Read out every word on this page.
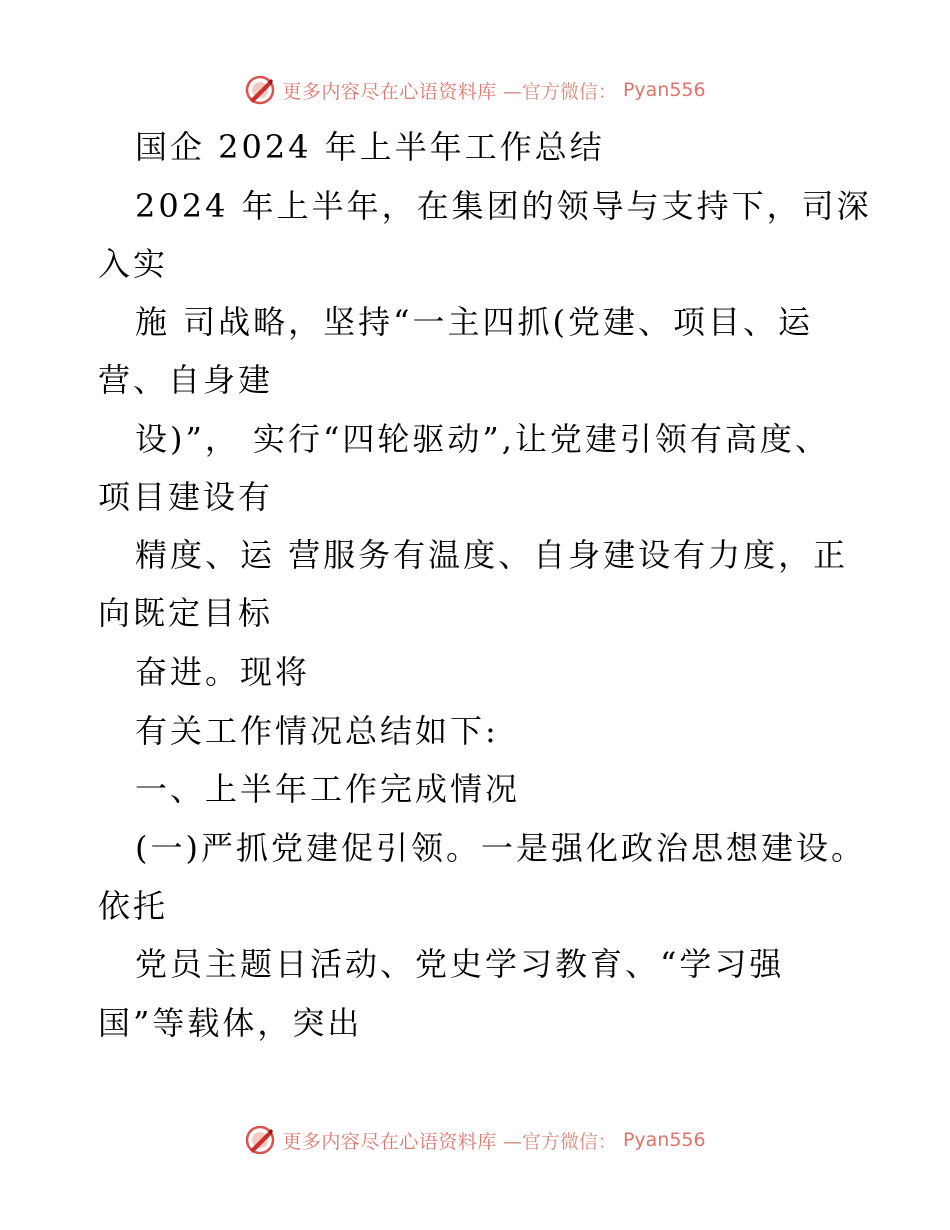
更多内容尽在心语资料库 —官方微信： Pyan556
国企 2024 年上半年工作总结
2024 年上半年，在集团的领导与支持下，司深
入实
施 司战略，坚持“一主四抓(党建、项目、运
营、自身建
设)”， 实行“四轮驱动”,让党建引领有高度、
项目建设有
精度、运 营服务有温度、自身建设有力度，正
向既定目标
奋进。现将
有关工作情况总结如下:
一、上半年工作完成情况
(一)严抓党建促引领。一是强化政治思想建设。
依托
党员主题日活动、党史学习教育、“学习强
国”等载体，突出
更多内容尽在心语资料库 —官方微信： Pyan556
